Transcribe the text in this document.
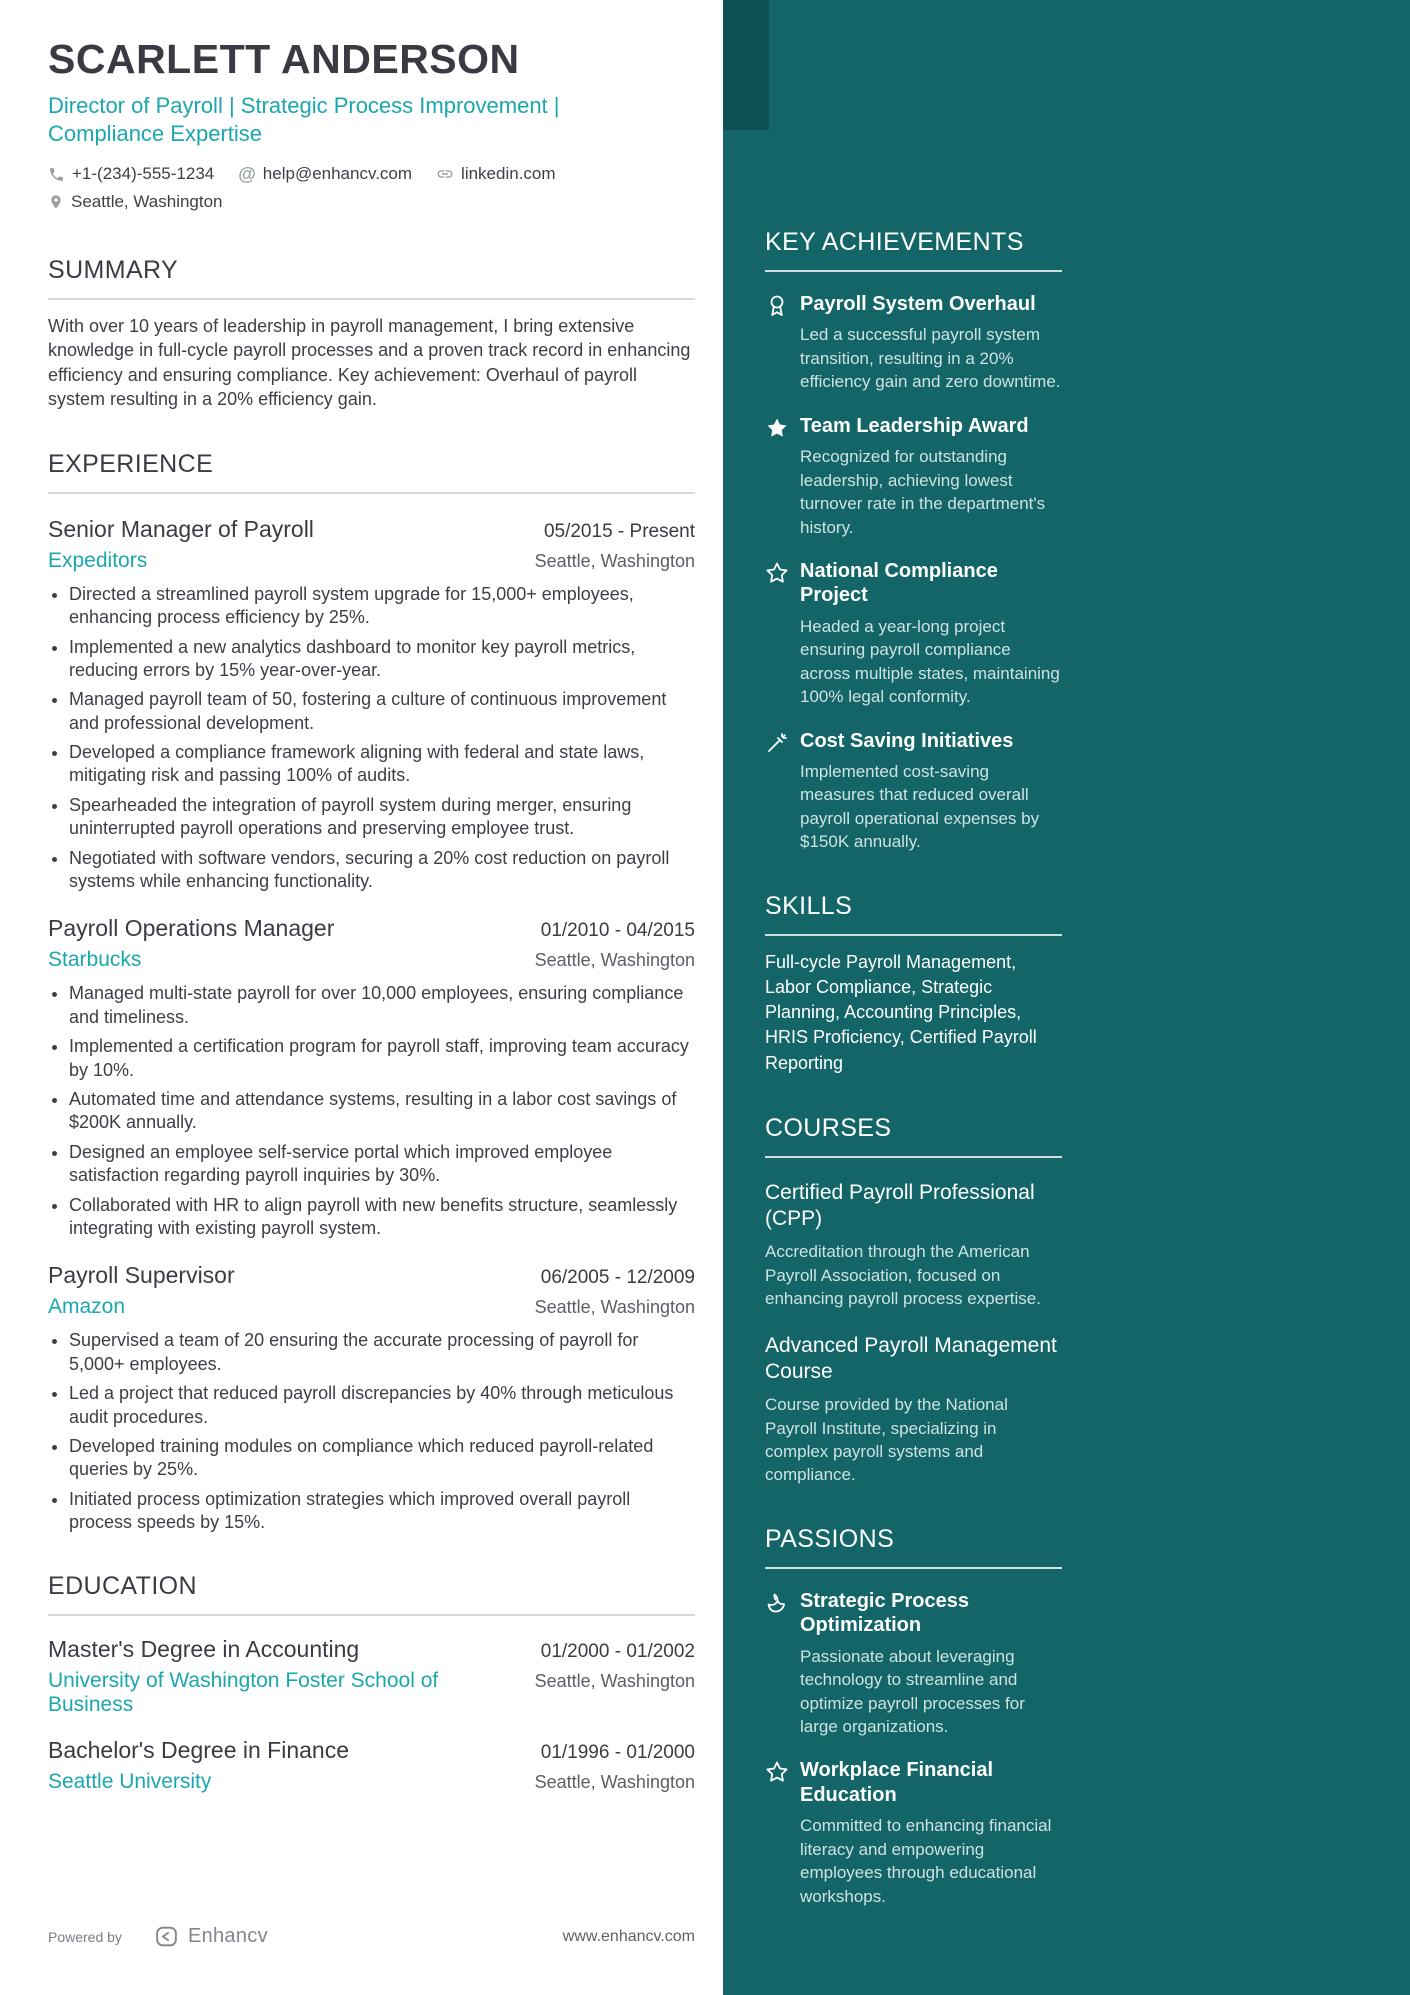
SCARLETT ANDERSON
Director of Payroll | Strategic Process Improvement | Compliance Expertise
+1-(234)-555-1234 @ help@enhancv.com	linkedin.com
Seattle, Washington
SUMMARY

With over 10 years of leadership in payroll management, I bring extensive knowledge in full-cycle payroll processes and a proven track record in enhancing efficiency and ensuring compliance. Key achievement: Overhaul of payroll system resulting in a 20% efficiency gain.

EXPERIENCE
Senior Manager of Payroll	05/2015 - Present
Expeditors	Seattle, Washington
• Directed a streamlined payroll system upgrade for 15,000+ employees, enhancing process efficiency by 25%.
• Implemented a new analytics dashboard to monitor key payroll metrics, reducing errors by 15% year-over-year.
• Managed payroll team of 50, fostering a culture of continuous improvement and professional development.
• Developed a compliance framework aligning with federal and state laws, mitigating risk and passing 100% of audits.
• Spearheaded the integration of payroll system during merger, ensuring uninterrupted payroll operations and preserving employee trust.
• Negotiated with software vendors, securing a 20% cost reduction on payroll systems while enhancing functionality.
Payroll Operations Manager	01/2010 - 04/2015
Starbucks	Seattle, Washington
• Managed multi-state payroll for over 10,000 employees, ensuring compliance and timeliness.
• Implemented a certification program for payroll staff, improving team accuracy by 10%.
• Automated time and attendance systems, resulting in a labor cost savings of $200K annually.
• Designed an employee self-service portal which improved employee satisfaction regarding payroll inquiries by 30%.
• Collaborated with HR to align payroll with new benefits structure, seamlessly integrating with existing payroll system.
Payroll Supervisor	06/2005 - 12/2009
Amazon	Seattle, Washington
• Supervised a team of 20 ensuring the accurate processing of payroll for 5,000+ employees.
• Led a project that reduced payroll discrepancies by 40% through meticulous audit procedures.
• Developed training modules on compliance which reduced payroll-related queries by 25%.
• Initiated process optimization strategies which improved overall payroll process speeds by 15%.
EDUCATION
Master's Degree in Accounting	01/2000 - 01/2002
University of Washington Foster School of Business
Seattle, Washington
Bachelor's Degree in Finance	01/1996 - 01/2000
Seattle University	Seattle, Washington
Powered by	Enhancv	www.enhancv.com
KEY ACHIEVEMENTS
Payroll System Overhaul
Led a successful payroll system transition, resulting in a 20% efficiency gain and zero downtime.
Team Leadership Award
Recognized for outstanding leadership, achieving lowest turnover rate in the department's history.
National Compliance Project
Headed a year-long project ensuring payroll compliance across multiple states, maintaining 100% legal conformity.
Cost Saving Initiatives
Implemented cost-saving measures that reduced overall payroll operational expenses by $150K annually.
SKILLS
Full-cycle Payroll Management, Labor Compliance, Strategic Planning, Accounting Principles, HRIS Proficiency, Certified Payroll Reporting
COURSES
Certified Payroll Professional (CPP)
Accreditation through the American Payroll Association, focused on enhancing payroll process expertise.
Advanced Payroll Management Course
Course provided by the National Payroll Institute, specializing in complex payroll systems and compliance.
PASSIONS
Strategic Process Optimization
Passionate about leveraging technology to streamline and optimize payroll processes for large organizations.
Workplace Financial Education
Committed to enhancing financial literacy and empowering employees through educational workshops.
